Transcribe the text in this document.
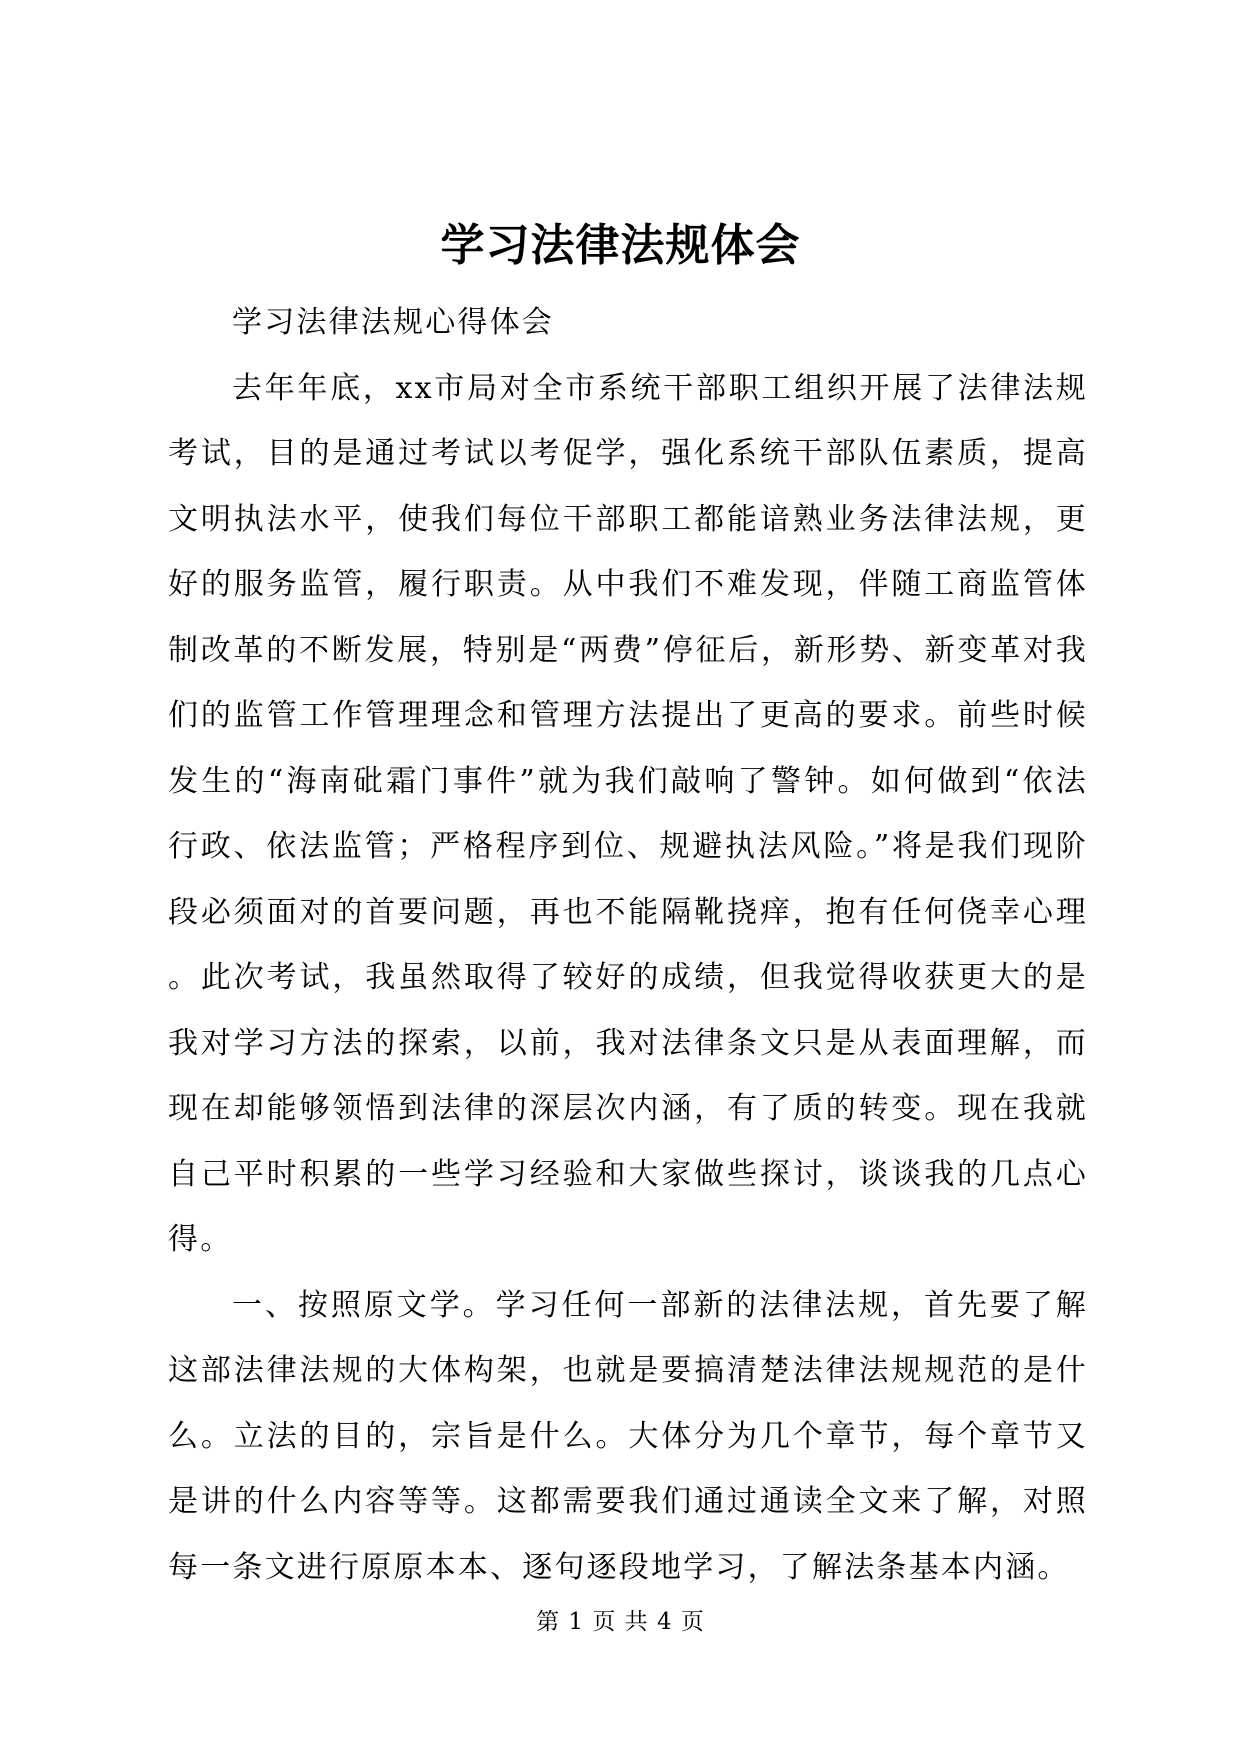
学习法律法规体会

学习法律法规心得体会

去年年底，xx市局对全市系统干部职工组织开展了法律法规考试，目的是通过考试以考促学，强化系统干部队伍素质，提高文明执法水平，使我们每位干部职工都能谙熟业务法律法规，更好的服务监管，履行职责。从中我们不难发现，伴随工商监管体制改革的不断发展，特别是“两费”停征后，新形势、新变革对我们的监管工作管理理念和管理方法提出了更高的要求。前些时候发生的“海南砒霜门事件”就为我们敲响了警钟。如何做到“依法行政、依法监管；严格程序到位、规避执法风险。”将是我们现阶段必须面对的首要问题，再也不能隔靴挠痒，抱有任何侥幸心理。此次考试，我虽然取得了较好的成绩，但我觉得收获更大的是我对学习方法的探索，以前，我对法律条文只是从表面理解，而现在却能够领悟到法律的深层次内涵，有了质的转变。现在我就自己平时积累的一些学习经验和大家做些探讨，谈谈我的几点心得。

一、按照原文学。学习任何一部新的法律法规，首先要了解这部法律法规的大体构架，也就是要搞清楚法律法规规范的是什么。立法的目的，宗旨是什么。大体分为几个章节，每个章节又是讲的什么内容等等。这都需要我们通过通读全文来了解，对照每一条文进行原原本本、逐句逐段地学习，了解法条基本内涵。

第 1 页 共 4 页
